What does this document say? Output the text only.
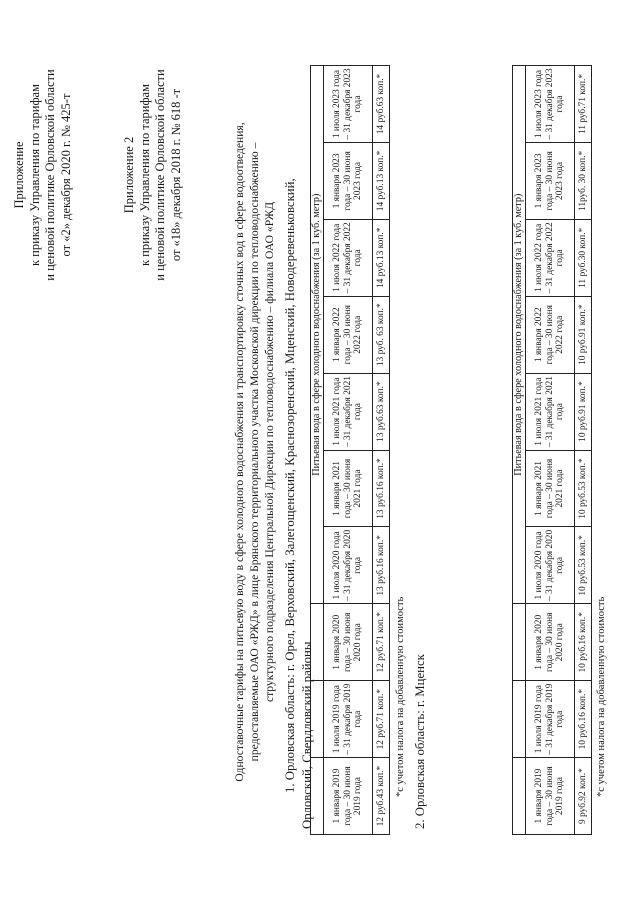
Приложение к приказу Управления по тарифам и ценовой политике Орловской области от «2» декабря 2020 г. № 425-т	Приложение 2 к приказу Управления по тарифам и ценовой политике Орловской области от «18» декабря 2018 г. № 618 -т	Одноставочные тарифы на питьевую воду в сфере холодного водоснабжения и транспортировку сточных вод в сфере водоотведения, предоставляемые ОАО «РЖД» в лице Брянского территориального участка Московской дирекции по тепловодоснабжению – структурного подразделения Центральной Дирекции по тепловодоснабжению – филиала ОАО «РЖД 1. Орловская область: г. Орел, Верховский, Залегощенский, Краснозоренский, Мценский, Новодеревеньковский, Орловский, Свердловский районы
			Питьевая вода в сфере холодного водоснабжения (за 1 куб. метр)						
1 января 2019 года – 30 июня 2019 года	1 июля 2019 года – 31 декабря 2019 года	1 января 2020 года – 30 июня 2020 года	1 июля 2020 года – 31 декабря 2020 года	1 января 2021 года – 30 июня 2021 года	1 июля 2021 года – 31 декабря 2021 года	1 января 2022 года – 30 июня 2022 года	1 июля 2022 года – 31 декабря 2022 года	1 января 2023 года – 30 июня 2023 года	1 июля 2023 года – 31 декабря 2023 года
12 руб.43 коп.*	12 руб.71 коп.*	12 руб.71 коп.*	13 руб.16 коп.*	13 руб.16 коп.*	13 руб.63 коп.*	13 руб. 63 коп.*	14 руб.13 коп.*	14 руб.13 коп.*	14 руб.63 коп.*
*с учетом налога на добавленную стоимость 2. Орловская область: г. Мценск
			Питьевая вода в сфере холодного водоснабжения (за 1 куб. метр)						
1 января 2019 года – 30 июня 2019 года	1 июля 2019 года – 31 декабря 2019 года	1 января 2020 года – 30 июня 2020 года	1 июля 2020 года – 31 декабря 2020 года	1 января 2021 года – 30 июня 2021 года	1 июля 2021 года – 31 декабря 2021 года	1 января 2022 года – 30 июня 2022 года	1 июля 2022 года – 31 декабря 2022 года	1 января 2023 года – 30 июня 2023 года	1 июля 2023 года – 31 декабря 2023 года
9 руб.92 коп.*	10 руб.16 коп.*	10 руб.16 коп.*	10 руб.53 коп.*	10 руб.53 коп.*	10 руб.91 коп.*	10 руб.91 коп.*	11 руб.30 коп.*	11руб. 30 коп.*	11 руб.71 коп.*
*с учетом налога на добавленную стоимость
